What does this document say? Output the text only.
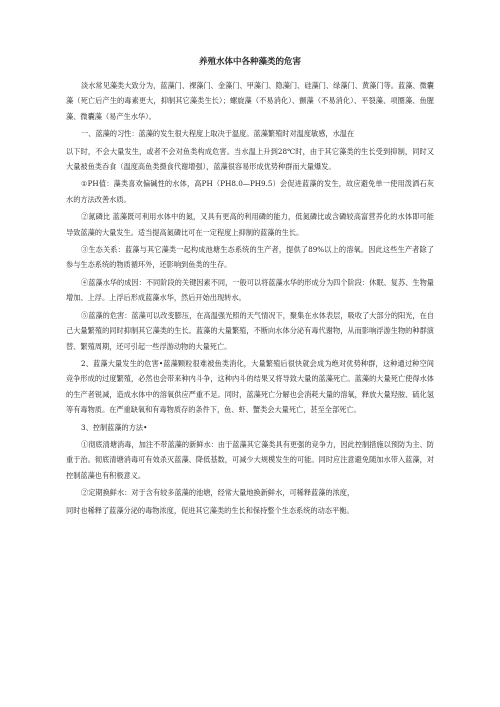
养殖水体中各种藻类的危害

淡水常见藻类大致分为，蓝藻门、裸藻门、金藻门、甲藻门、隐藻门、硅藻门、绿藻门、黄藻门等。蓝藻、微囊藻（死亡后产生的毒素更大，抑制其它藻类生长）；螺旋藻（不易消化）、颤藻（不易消化）、平裂藻、项圈藻、鱼腥藻、微囊藻（易产生水华）。

一、蓝藻的习性：蓝藻的发生很大程度上取决于温度。蓝藻繁殖时对温度敏感，水温在

以下时，不会大量发生，或者不会对鱼类构成危害。当水温上升到28℃时，由于其它藻类的生长受到抑制，同时又大量被鱼类吞食（温度高鱼类摄食代谢增强），蓝藻很容易形成优势种群而大量爆发。

①PH值：藻类喜欢偏碱性的水体，高PH（PH8.0—PH9.5）会促进蓝藻的发生，故应避免单一使用泼洒石灰水的方法改善水质。

②氮磷比 蓝藻既可利用水体中的氮，又具有更高的利用磷的能力，低氮磷比或含磷较高富营养化的水体即可能导致蓝藻的大量发生。适当提高氮磷比可在一定程度上抑制的蓝藻的生长。

③生态关系：蓝藻与其它藻类一起构成池塘生态系统的生产者，提供了89%以上的溶氧。因此这些生产者除了参与生态系统的物质循环外，还影响到鱼类的生存。

④蓝藻水华的成因：不同阶段的关键因素不同，一般可以将蓝藻水华的形成分为四个阶段：休眠、复苏、生物量增加、上浮。上浮后形成蓝藻水华，然后开始出现转水。

⑤蓝藻的危害：蓝藻可以改变膨压，在高温强光照的天气情况下，聚集在水体表层，吸收了大部分的阳光，在自己大量繁殖的同时抑制其它藻类的生长。蓝藻的大量繁殖，不断向水体分泌有毒代谢物，从而影响浮游生物的种群演替、繁殖周期，还可引起一些浮游动物的大量死亡。

2、蓝藻大量发生的危害•蓝藻颗粒很难被鱼类消化，大量繁殖后很快就会成为绝对优势种群，这种通过种空间竞争形成的过度繁殖，必然也会带来种内斗争，这种内斗的结果又将导致大量的蓝藻死亡。蓝藻的大量死亡使得水体的生产者锐减，造成水体中的溶氧供应严重不足。同时，蓝藻死亡分解也会消耗大量的溶氧，释放大量羟胺、硫化氢等有毒物质。在严重缺氧和有毒物质存的条件下，鱼、虾、蟹类会大量死亡，甚至全部死亡。

3、控制蓝藻的方法•

①彻底清塘消毒，加注不带蓝藻的新鲜水：由于蓝藻其它藻类具有更强的竞争力，因此控制措施以预防为主、防重于治。彻底清塘消毒可有效杀灭蓝藻、降低基数，可减少大规模发生的可能。同时应注意避免随加水带入蓝藻，对控制蓝藻也有积极意义。

②定期换鲜水：对于含有较多蓝藻的池塘，经常大量地换新鲜水，可稀释蓝藻的浓度，

同时也稀释了蓝藻分泌的毒物浓度，促进其它藻类的生长和保持整个生态系统的动态平衡。
